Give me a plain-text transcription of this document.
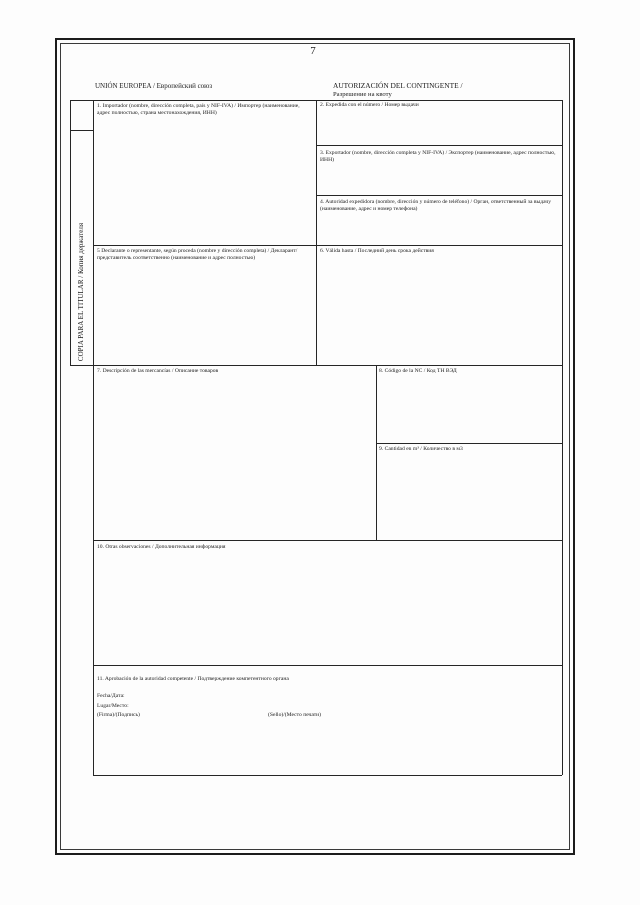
7
UNIÓN EUROPEA / Европейский союз	AUTORIZACIÓN DEL CONTINGENTE /
Разрешение на квоту
COPIA PARA EL TITULAR / Копия держателя
1. Importador (nombre, dirección completa, país y NIF-IVA) / Импортер (наименование, адрес полностью, страна местонахождения, ИНН)
2. Expedida con el número / Номер выдачи
3. Exportador (nombre, dirección completa y NIF-IVA) / Экспортер (наименование, адрес полностью, ИНН)
4. Autoridad expedidora (nombre, dirección y número de teléfono) / Орган, ответственный за выдачу (наименование, адрес и номер телефона)
5 Declarante o representante, según proceda (nombre y dirección completa) / Декларант/представитель соответственно (наименование и адрес полностью)
6. Válida hasta / Последний день срока действия
7. Descripción de las mercancías / Описание товаров	8. Código de la NC / Код ТН ВЭД
9. Cantidad en m³ / Количество в м3
10. Otras observaciones / Дополнительная информация
11. Aprobación de la autoridad competente / Подтверждение компетентного органа
Fecha/Дата:
Lugar/Место:
(Firma)/(Подпись)	(Sello)/(Место печати)
